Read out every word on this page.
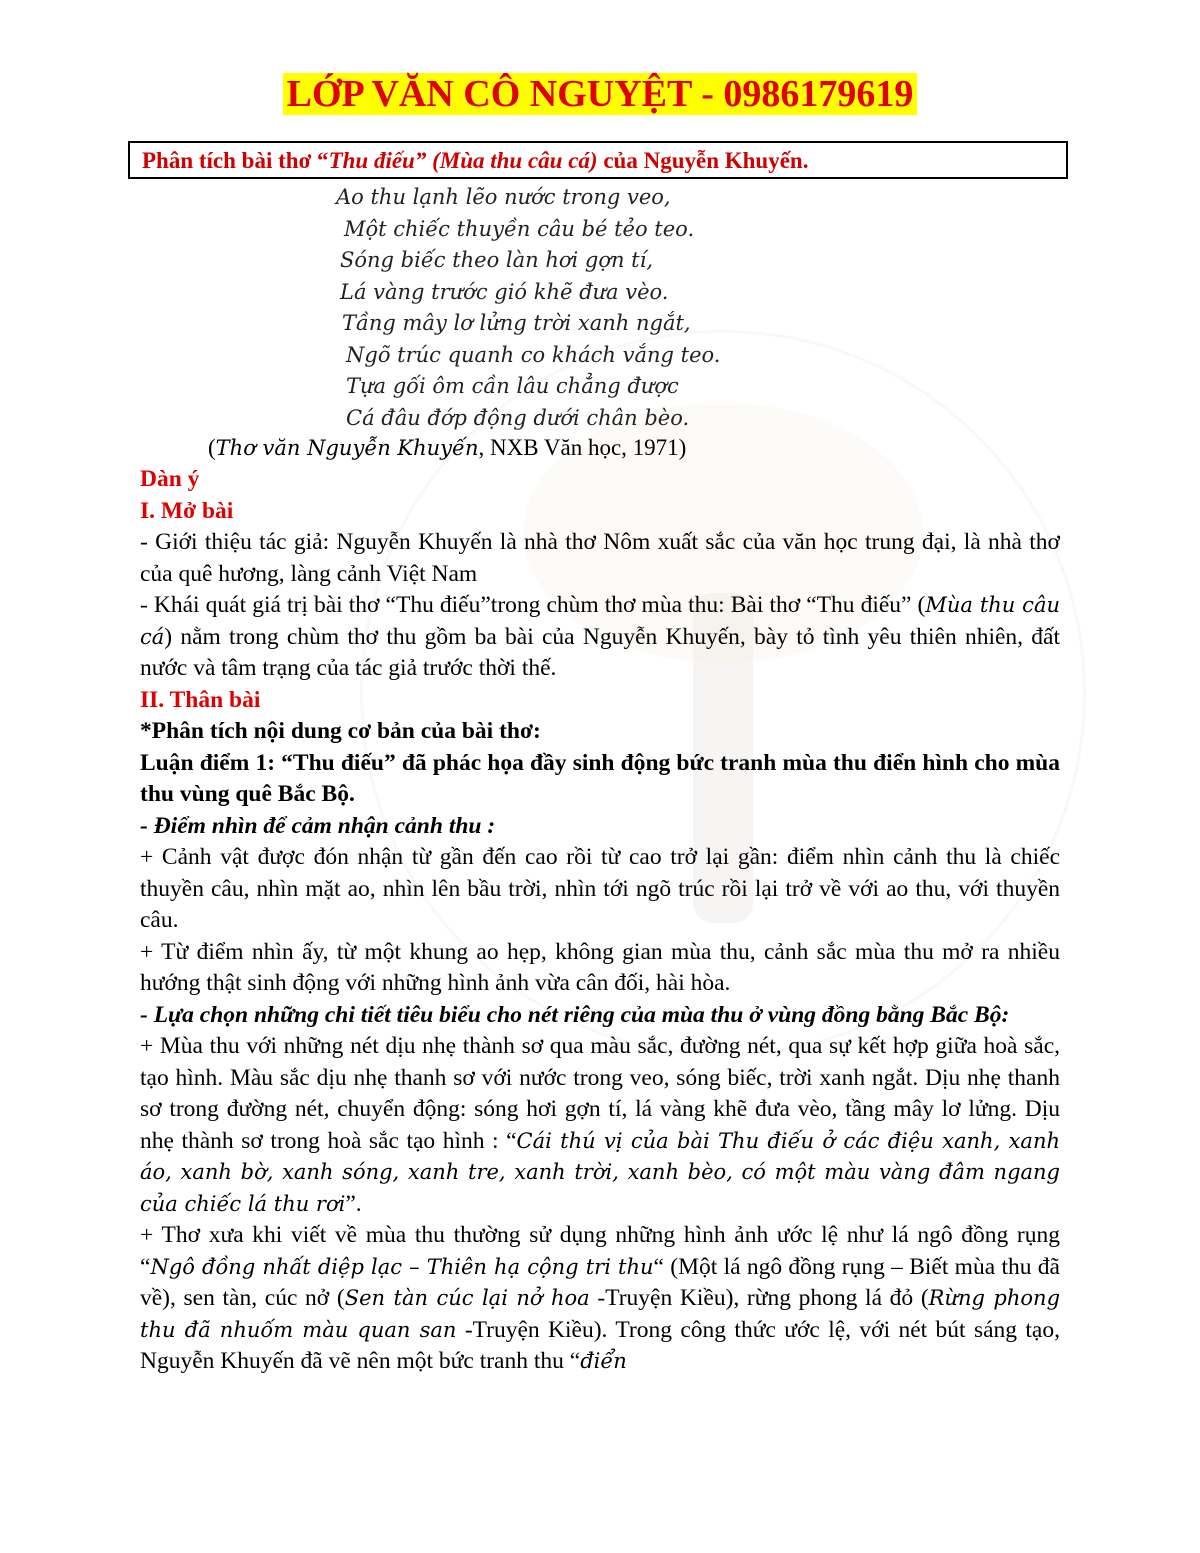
LỚP VĂN CÔ NGUYỆT - 0986179619
Phân tích bài thơ “Thu điếu” (Mùa thu câu cá) của Nguyễn Khuyến.
Ao thu lạnh lẽo nước trong veo,
Một chiếc thuyền câu bé tẻo teo.
Sóng biếc theo làn hơi gợn tí,
Lá vàng trước gió khẽ đưa vèo.
Tầng mây lơ lửng trời xanh ngắt,
Ngõ trúc quanh co khách vắng teo.
Tựa gối ôm cần lâu chẳng được
Cá đâu đớp động dưới chân bèo.
(Thơ văn Nguyễn Khuyến, NXB Văn học, 1971)

Dàn ý

I. Mở bài

- Giới thiệu tác giả: Nguyễn Khuyến là nhà thơ Nôm xuất sắc của văn học trung đại, là nhà thơ của quê hương, làng cảnh Việt Nam

- Khái quát giá trị bài thơ “Thu điếu”trong chùm thơ mùa thu: Bài thơ “Thu điếu” (Mùa thu câu cá) nằm trong chùm thơ thu gồm ba bài của Nguyễn Khuyến, bày tỏ tình yêu thiên nhiên, đất nước và tâm trạng của tác giả trước thời thế.

II. Thân bài

*Phân tích nội dung cơ bản của bài thơ:

Luận điểm 1: “Thu điếu” đã phác họa đầy sinh động bức tranh mùa thu điển hình cho mùa thu vùng quê Bắc Bộ.

- Điểm nhìn để cảm nhận cảnh thu :

+ Cảnh vật được đón nhận từ gần đến cao rồi từ cao trở lại gần: điểm nhìn cảnh thu là chiếc thuyền câu, nhìn mặt ao, nhìn lên bầu trời, nhìn tới ngõ trúc rồi lại trở về với ao thu, với thuyền câu.

+ Từ điểm nhìn ấy, từ một khung ao hẹp, không gian mùa thu, cảnh sắc mùa thu mở ra nhiều hướng thật sinh động với những hình ảnh vừa cân đối, hài hòa.

- Lựa chọn những chi tiết tiêu biểu cho nét riêng của mùa thu ở vùng đồng bằng Bắc Bộ:

+ Mùa thu với những nét dịu nhẹ thành sơ qua màu sắc, đường nét, qua sự kết hợp giữa hoà sắc, tạo hình. Màu sắc dịu nhẹ thanh sơ với nước trong veo, sóng biếc, trời xanh ngắt. Dịu nhẹ thanh sơ trong đường nét, chuyển động: sóng hơi gợn tí, lá vàng khẽ đưa vèo, tầng mây lơ lửng. Dịu nhẹ thành sơ trong hoà sắc tạo hình : “Cái thú vị của bài Thu điếu ở các điệu xanh, xanh áo, xanh bờ, xanh sóng, xanh tre, xanh trời, xanh bèo, có một màu vàng đâm ngang của chiếc lá thu rơi”.

+ Thơ xưa khi viết về mùa thu thường sử dụng những hình ảnh ước lệ như lá ngô đồng rụng “Ngô đồng nhất diệp lạc – Thiên hạ cộng tri thu“ (Một lá ngô đồng rụng – Biết mùa thu đã về), sen tàn, cúc nở (Sen tàn cúc lại nở hoa -Truyện Kiều), rừng phong lá đỏ (Rừng phong thu đã nhuốm màu quan san -Truyện Kiều). Trong công thức ước lệ, với nét bút sáng tạo, Nguyễn Khuyến đã vẽ nên một bức tranh thu “điển
